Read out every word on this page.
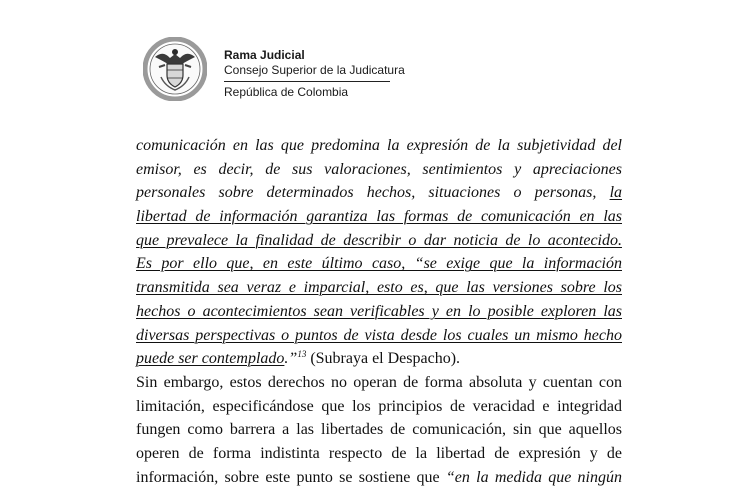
Rama Judicial
Consejo Superior de la Judicatura
República de Colombia
comunicación en las que predomina la expresión de la subjetividad del
emisor, es decir, de sus valoraciones, sentimientos y apreciaciones
personales sobre determinados hechos, situaciones o personas, la
libertad de información garantiza las formas de comunicación en las
que prevalece la finalidad de describir o dar noticia de lo acontecido.
Es por ello que, en este último caso, “se exige que la información
transmitida sea veraz e imparcial, esto es, que las versiones sobre los
hechos o acontecimientos sean verificables y en lo posible exploren las
diversas perspectivas o puntos de vista desde los cuales un mismo hecho
puede ser contemplado.”$^{13}$ (Subraya el Despacho).
Sin embargo, estos derechos no operan de forma absoluta y cuentan con
limitación, especificándose que los principios de veracidad e integridad
fungen como barrera a las libertades de comunicación, sin que aquellos
operen de forma indistinta respecto de la libertad de expresión y de
información, sobre este punto se sostiene que “en la medida que ningún
